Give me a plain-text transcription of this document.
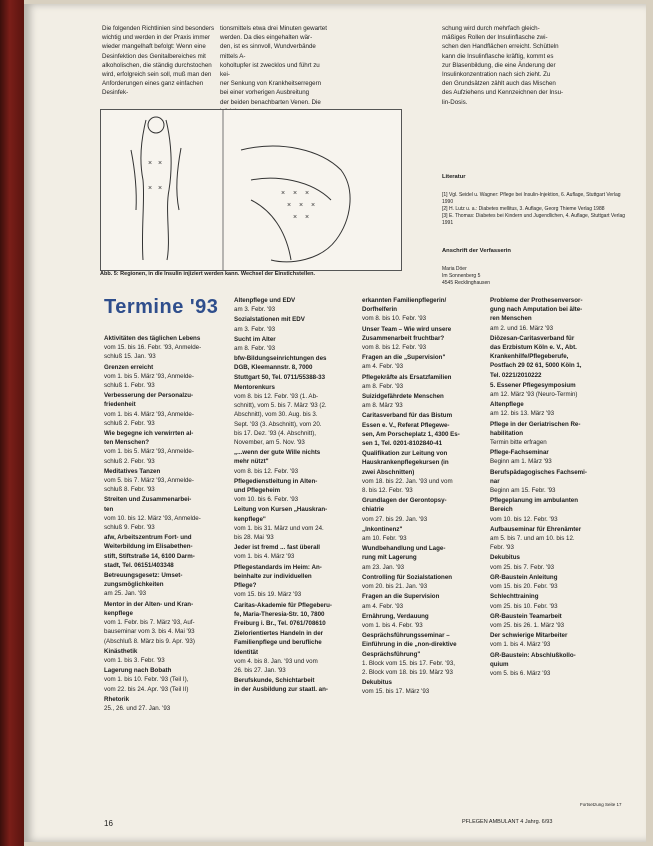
Die folgenden Richtlinien sind besonders
wichtig und werden in der Praxis immer
wieder mangelhaft befolgt: Wenn eine
Desinfektion des Genitalbereiches mit
alkoholischen, die ständig durchstochen
wird, erfolgreich sein soll, muß man den
Anforderungen eines ganz einfachen Desinfek-
tionsmittels etwa drei Minuten gewartet
werden. Da dies eingehalten wär-
den, ist es sinnvoll, Wundverbände mittels A-
koholtupfer ist zwecklos und führt zu kei-
ner Senkung von Krankheitserregern
bei einer vorherigen Ausbreitung
der beiden benachbarten Venen. Die

schung wird durch mehrfach gleich-
mäßiges Rollen der Insulinflasche zwi-
schen den Handflächen erreicht. Schütteln
kann die Insulinflasche kräftig, kommt es
zur Blasenbildung, die eine Änderung der
Insulinkonzentration nach sich zieht. Zu
den Grundsätzen zählt auch das Mischen
des Aufziehens und Kennzeichnen der Insu-
lin-Dosis.
× ×
× ×
× × ×
× × ×
× ×
Abb. 5: Regionen, in die Insulin injiziert werden kann. Wechsel der Einstichstellen.

Literatur

[1] Vgl. Seidel u. Wagner: Pflege bei Insulin-Injektion, 6. Auflage, Stuttgart Verlag 1990
[2] H. Lutz u. a.: Diabetes mellitus, 3. Auflage, Georg Thieme Verlag 1988
[3] E. Thomas: Diabetes bei Kindern und Jugendlichen, 4. Auflage, Stuttgart Verlag 1991

Anschrift der Verfasserin

Maria Döer
Im Sonnenberg 5
4545 Recklinghausen

Termine '93
Aktivitäten des täglichen Lebens
vom 15. bis 16. Febr. '93, Anmelde-
schluß 15. Jan. '93
Grenzen erreicht
vom 1. bis 5. März '93, Anmelde-
schluß 1. Febr. '93
Verbesserung der Personalzu-
friedenheit
vom 1. bis 4. März '93, Anmelde-
schluß 2. Febr. '93
Wie begegne ich verwirrten al-
ten Menschen?
vom 1. bis 5. März '93, Anmelde-
schluß 2. Febr. '93
Meditatives Tanzen
vom 5. bis 7. März '93, Anmelde-
schluß 8. Febr. '93
Streiten und Zusammenarbei-
ten
vom 10. bis 12. März '93, Anmelde-
schluß 9. Febr. '93
afw, Arbeitszentrum Fort- und
Weiterbildung im Elisabethen-
stift, Stiftstraße 14, 6100 Darm-
stadt, Tel. 06151/403348
Betreuungsgesetz: Umset-
zungsmöglichkeiten
am 25. Jan. '93
Mentor in der Alten- und Kran-
kenpflege
vom 1. Febr. bis 7. März '93, Auf-
bauseminar vom 3. bis 4. Mai '93
(Abschluß 8. März bis 9. Apr. '93)
Kinästhetik
vom 1. bis 3. Febr. '93
Lagerung nach Bobath
vom 1. bis 10. Febr. '93 (Teil I),
vom 22. bis 24. Apr. '93 (Teil II)
Rhetorik
25., 26. und 27. Jan. '93
Altenpflege und EDV
am 3. Febr. '93
Sozialstationen mit EDV
am 3. Febr. '93
Sucht im Alter
am 8. Febr. '93
bfw-Bildungseinrichtungen des
DGB, Kleemannstr. 8, 7000
Stuttgart 50, Tel. 0711/55388-33
Mentorenkurs
vom 8. bis 12. Febr. '93 (1. Ab-
schnitt), vom 5. bis 7. März '93 (2.
Abschnitt), vom 30. Aug. bis 3.
Sept. '93 (3. Abschnitt), vom 20.
bis 17. Dez. '93 (4. Abschnitt),
November, am 5. Nov. '93
„...wenn der gute Wille nichts
mehr nützt"
vom 8. bis 12. Febr. '93
Pflegedienstleitung in Alten-
und Pflegeheim
vom 10. bis 6. Febr. '93
Leitung von Kursen „Hauskran-
kenpflege"
vom 1. bis 31. März und vom 24.
bis 28. Mai '93
Jeder ist fremd ... fast überall
vom 1. bis 4. März '93
Pflegestandards im Heim: An-
beinhalte zur individuellen
Pflege?
vom 15. bis 19. März '93
Caritas-Akademie für Pflegeberu-
fe, Maria-Theresia-Str. 10, 7800
Freiburg i. Br., Tel. 0761/708610
Zielorientiertes Handeln in der
Familienpflege und berufliche
Identität
vom 4. bis 8. Jan. '93 und vom
26. bis 27. Jan. '93
Berufskunde, Schichtarbeit
in der Ausbildung zur staatl. an-
erkannten Familienpflegerin/
Dorfhelferin
vom 8. bis 10. Febr. '93
Unser Team – Wie wird unsere
Zusammenarbeit fruchtbar?
vom 8. bis 12. Febr. '93
Fragen an die „Supervision"
am 4. Febr. '93
Pflegekräfte als Ersatzfamilien
am 8. Febr. '93
Suizidgefährdete Menschen
am 8. März '93
Caritasverband für das Bistum
Essen e. V., Referat Pflegewe-
sen, Am Porscheplatz 1, 4300 Es-
sen 1, Tel. 0201-8102840-41
Qualifikation zur Leitung von
Hauskrankenpflegekursen (in
zwei Abschnitten)
vom 18. bis 22. Jan. '93 und vom
8. bis 12. Febr. '93
Grundlagen der Gerontopsy-
chiatrie
vom 27. bis 29. Jan. '93
„Inkontinenz"
am 10. Febr. '93
Wundbehandlung und Lage-
rung mit Lagerung
am 23. Jan. '93
Controlling für Sozialstationen
vom 20. bis 21. Jan. '93
Fragen an die Supervision
am 4. Febr. '93
Ernährung, Verdauung
vom 1. bis 4. Febr. '93
Gesprächsführungsseminar –
Einführung in die „non-direktive
Gesprächsführung"
1. Block vom 15. bis 17. Febr. '93,
2. Block vom 18. bis 19. März '93
Dekubitus
vom 15. bis 17. März '93
Probleme der Prothesenversor-
gung nach Amputation bei älte-
ren Menschen
am 2. und 16. März '93
Diözesan-Caritasverband für
das Erzbistum Köln e. V., Abt.
Krankenhilfe/Pflegeberufe,
Postfach 29 02 61, 5000 Köln 1,
Tel. 0221/2010222
5. Essener Pflegesymposium
am 12. März '93 (Neuro-Termin)
Altenpflege
am 12. bis 13. März '93
Pflege in der Geriatrischen Re-
habilitation
Termin bitte erfragen
Pflege-Fachseminar
Beginn am 1. März '93
Berufspädagogisches Fachsemi-
nar
Beginn am 15. Febr. '93
Pflegeplanung im ambulanten
Bereich
vom 10. bis 12. Febr. '93
Aufbauseminar für Ehrenämter
am 5. bis 7. und am 10. bis 12.
Febr. '93
Dekubitus
vom 25. bis 7. Febr. '93
GR-Baustein Anleitung
vom 15. bis 20. Febr. '93
Schlechttraining
vom 25. bis 10. Febr. '93
GR-Baustein Teamarbeit
vom 25. bis 26. 1. März '93
Der schwierige Mitarbeiter
vom 1. bis 4. März '93
GR-Baustein: Abschlußkollo-
quium
vom 5. bis 6. März '93
Fortsetzung Seite 17
16	PFLEGEN AMBULANT 4 Jahrg. 6/93
